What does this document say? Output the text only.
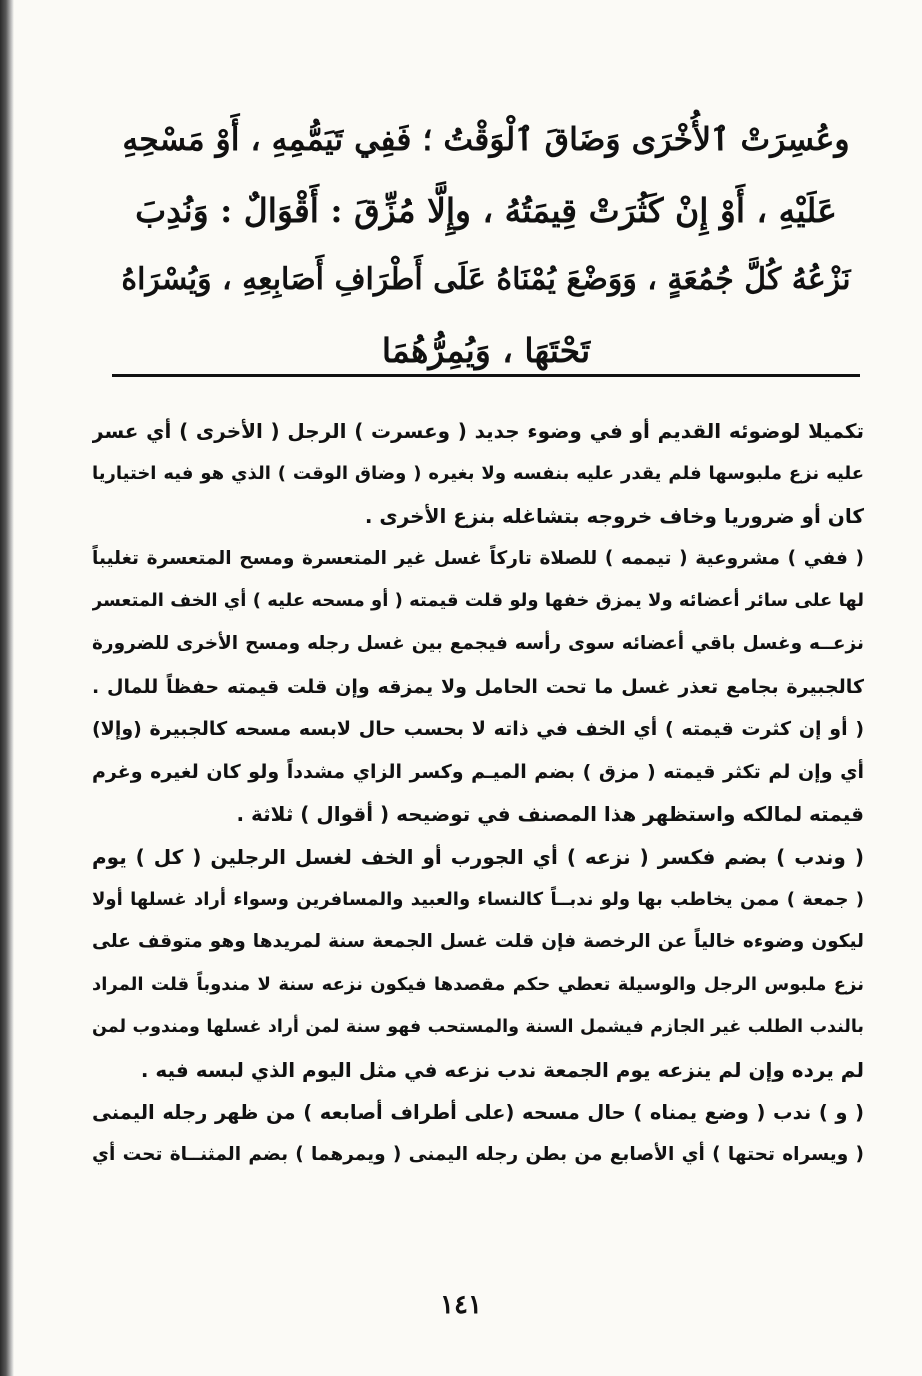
وعُسِرَتْ ٱلأُخْرَى وَضَاقَ ٱلْوَقْتُ ؛ فَفِي تَيَمُّمِهِ ، أَوْ مَسْحِهِ
عَلَيْهِ ، أَوْ إِنْ كَثُرَتْ قِيمَتُهُ ، وإِلَّا مُزِّقَ : أَقْوَالٌ : وَنُدِبَ
نَزْعُهُ كُلَّ جُمُعَةٍ ، وَوَضْعَ يُمْنَاهُ عَلَى أَطْرَافِ أَصَابِعِهِ ، وَيُسْرَاهُ
تَحْتَهَا ، وَيُمِرُّهُمَا
تكميلا لوضوئه القديم أو في وضوء جديد ( وعسرت ) الرجل ( الأخرى ) أي عسر
عليه نزع ملبوسها فلم يقدر عليه بنفسه ولا بغيره ( وضاق الوقت ) الذي هو فيه اختياريا
كان أو ضروريا وخاف خروجه بتشاغله بنزع الأخرى .
( ففي ) مشروعية ( تيممه ) للصلاة تاركاً غسل غير المتعسرة ومسح المتعسرة تغليباً
لها على سائر أعضائه ولا يمزق خفها ولو قلت قيمته ( أو مسحه عليه ) أي الخف المتعسر
نزعــه وغسل باقي أعضائه سوى رأسه فيجمع بين غسل رجله ومسح الأخرى للضرورة
كالجبيرة بجامع تعذر غسل ما تحت الحامل ولا يمزقه وإن قلت قيمته حفظاً للمال .
( أو إن كثرت قيمته ) أي الخف في ذاته لا بحسب حال لابسه مسحه كالجبيرة (وإلا)
أي وإن لم تكثر قيمته ( مزق ) بضم الميـم وكسر الزاي مشدداً ولو كان لغيره وغرم
قيمته لمالكه واستظهر هذا المصنف في توضيحه ( أقوال ) ثلاثة .
( وندب ) بضم فكسر ( نزعه ) أي الجورب أو الخف لغسل الرجلين ( كل ) يوم
( جمعة ) ممن يخاطب بها ولو ندبــاً كالنساء والعبيد والمسافرين وسواء أراد غسلها أولا
ليكون وضوءه خالياً عن الرخصة فإن قلت غسل الجمعة سنة لمريدها وهو متوقف على
نزع ملبوس الرجل والوسيلة تعطي حكم مقصدها فيكون نزعه سنة لا مندوباً قلت المراد
بالندب الطلب غير الجازم فيشمل السنة والمستحب فهو سنة لمن أراد غسلها ومندوب لمن
لم يرده وإن لم ينزعه يوم الجمعة ندب نزعه في مثل اليوم الذي لبسه فيه .
( و ) ندب ( وضع يمناه ) حال مسحه (على أطراف أصابعه ) من ظهر رجله اليمنى
( ويسراه تحتها ) أي الأصابع من بطن رجله اليمنى ( ويمرهما ) بضم المثنــاة تحت أي
١٤١
